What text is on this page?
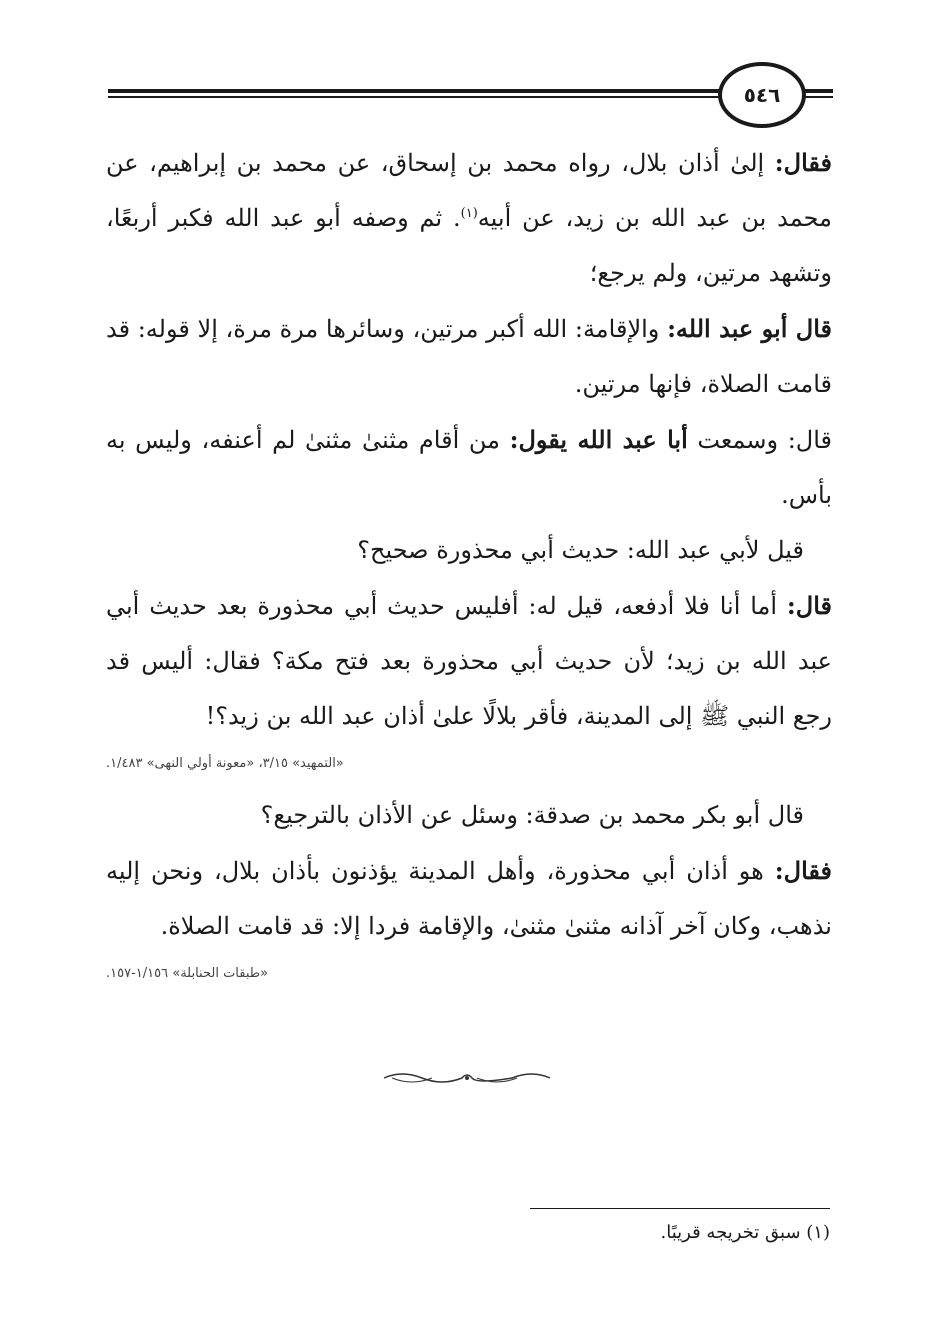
٥٤٦

فقال: إلىٰ أذان بلال، رواه محمد بن إسحاق، عن محمد بن إبراهيم، عن محمد بن عبد الله بن زيد، عن أبيه$^{(١)}$. ثم وصفه أبو عبد الله فكبر أربعًا، وتشهد مرتين، ولم يرجع؛

قال أبو عبد الله: والإقامة: الله أكبر مرتين، وسائرها مرة مرة، إلا قوله: قد قامت الصلاة، فإنها مرتين.

قال: وسمعت أبا عبد الله يقول: من أقام مثنىٰ مثنىٰ لم أعنفه، وليس به بأس.

قيل لأبي عبد الله: حديث أبي محذورة صحيح؟

قال: أما أنا فلا أدفعه، قيل له: أفليس حديث أبي محذورة بعد حديث أبي عبد الله بن زيد؛ لأن حديث أبي محذورة بعد فتح مكة؟ فقال: أليس قد رجع النبي ﷺ إلى المدينة، فأقر بلالًا علىٰ أذان عبد الله بن زيد؟!

«التمهيد» ٣/١٥، «معونة أولي النهى» ١/٤٨٣.

قال أبو بكر محمد بن صدقة: وسئل عن الأذان بالترجيع؟

فقال: هو أذان أبي محذورة، وأهل المدينة يؤذنون بأذان بلال، ونحن إليه نذهب، وكان آخر آذانه مثنىٰ مثنىٰ، والإقامة فردا إلا: قد قامت الصلاة.

«طبقات الحنابلة» ١/١٥٦-١٥٧.
(١) سبق تخريجه قريبًا.
